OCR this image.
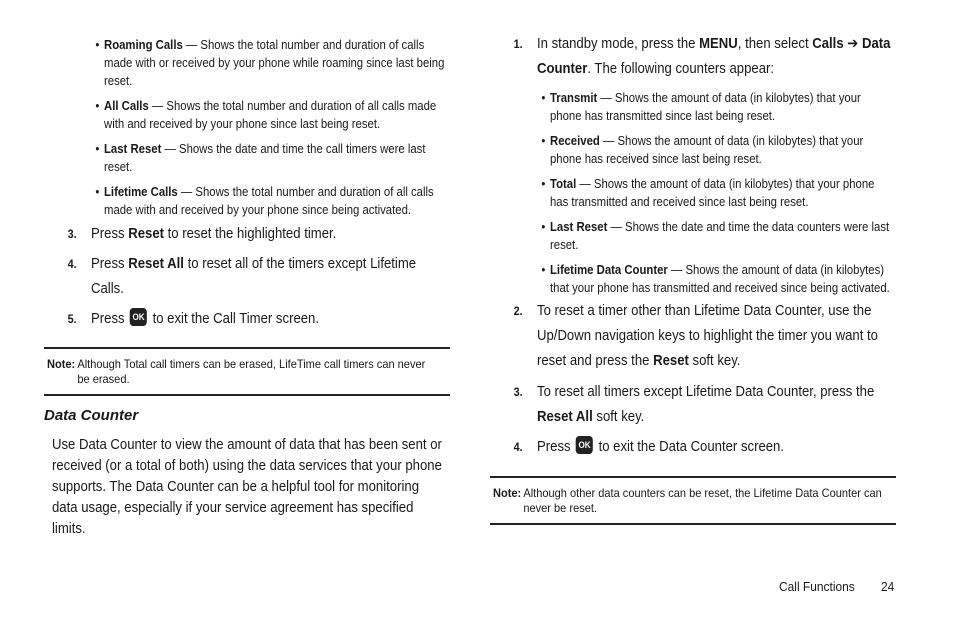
• Roaming Calls — Shows the total number and duration of calls made with or received by your phone while roaming since last being reset.
• All Calls — Shows the total number and duration of all calls made with and received by your phone since last being reset.
• Last Reset — Shows the date and time the call timers were last reset.
• Lifetime Calls — Shows the total number and duration of all calls made with and received by your phone since being activated.
3. Press Reset to reset the highlighted timer.
4. Press Reset All to reset all of the timers except Lifetime Calls.
5. Press OK to exit the Call Timer screen.
Note: Although Total call timers can be erased, LifeTime call timers can never be erased.
Data Counter
Use Data Counter to view the amount of data that has been sent or received (or a total of both) using the data services that your phone supports. The Data Counter can be a helpful tool for monitoring data usage, especially if your service agreement has specified limits.
1. In standby mode, press the MENU, then select Calls ➔ Data Counter. The following counters appear:
• Transmit — Shows the amount of data (in kilobytes) that your phone has transmitted since last being reset.
• Received — Shows the amount of data (in kilobytes) that your phone has received since last being reset.
• Total — Shows the amount of data (in kilobytes) that your phone has transmitted and received since last being reset.
• Last Reset — Shows the date and time the data counters were last reset.
• Lifetime Data Counter — Shows the amount of data (in kilobytes) that your phone has transmitted and received since being activated.
2. To reset a timer other than Lifetime Data Counter, use the Up/Down navigation keys to highlight the timer you want to reset and press the Reset soft key.
3. To reset all timers except Lifetime Data Counter, press the Reset All soft key.
4. Press OK to exit the Data Counter screen.
Note: Although other data counters can be reset, the Lifetime Data Counter can never be reset.
Call Functions 24
